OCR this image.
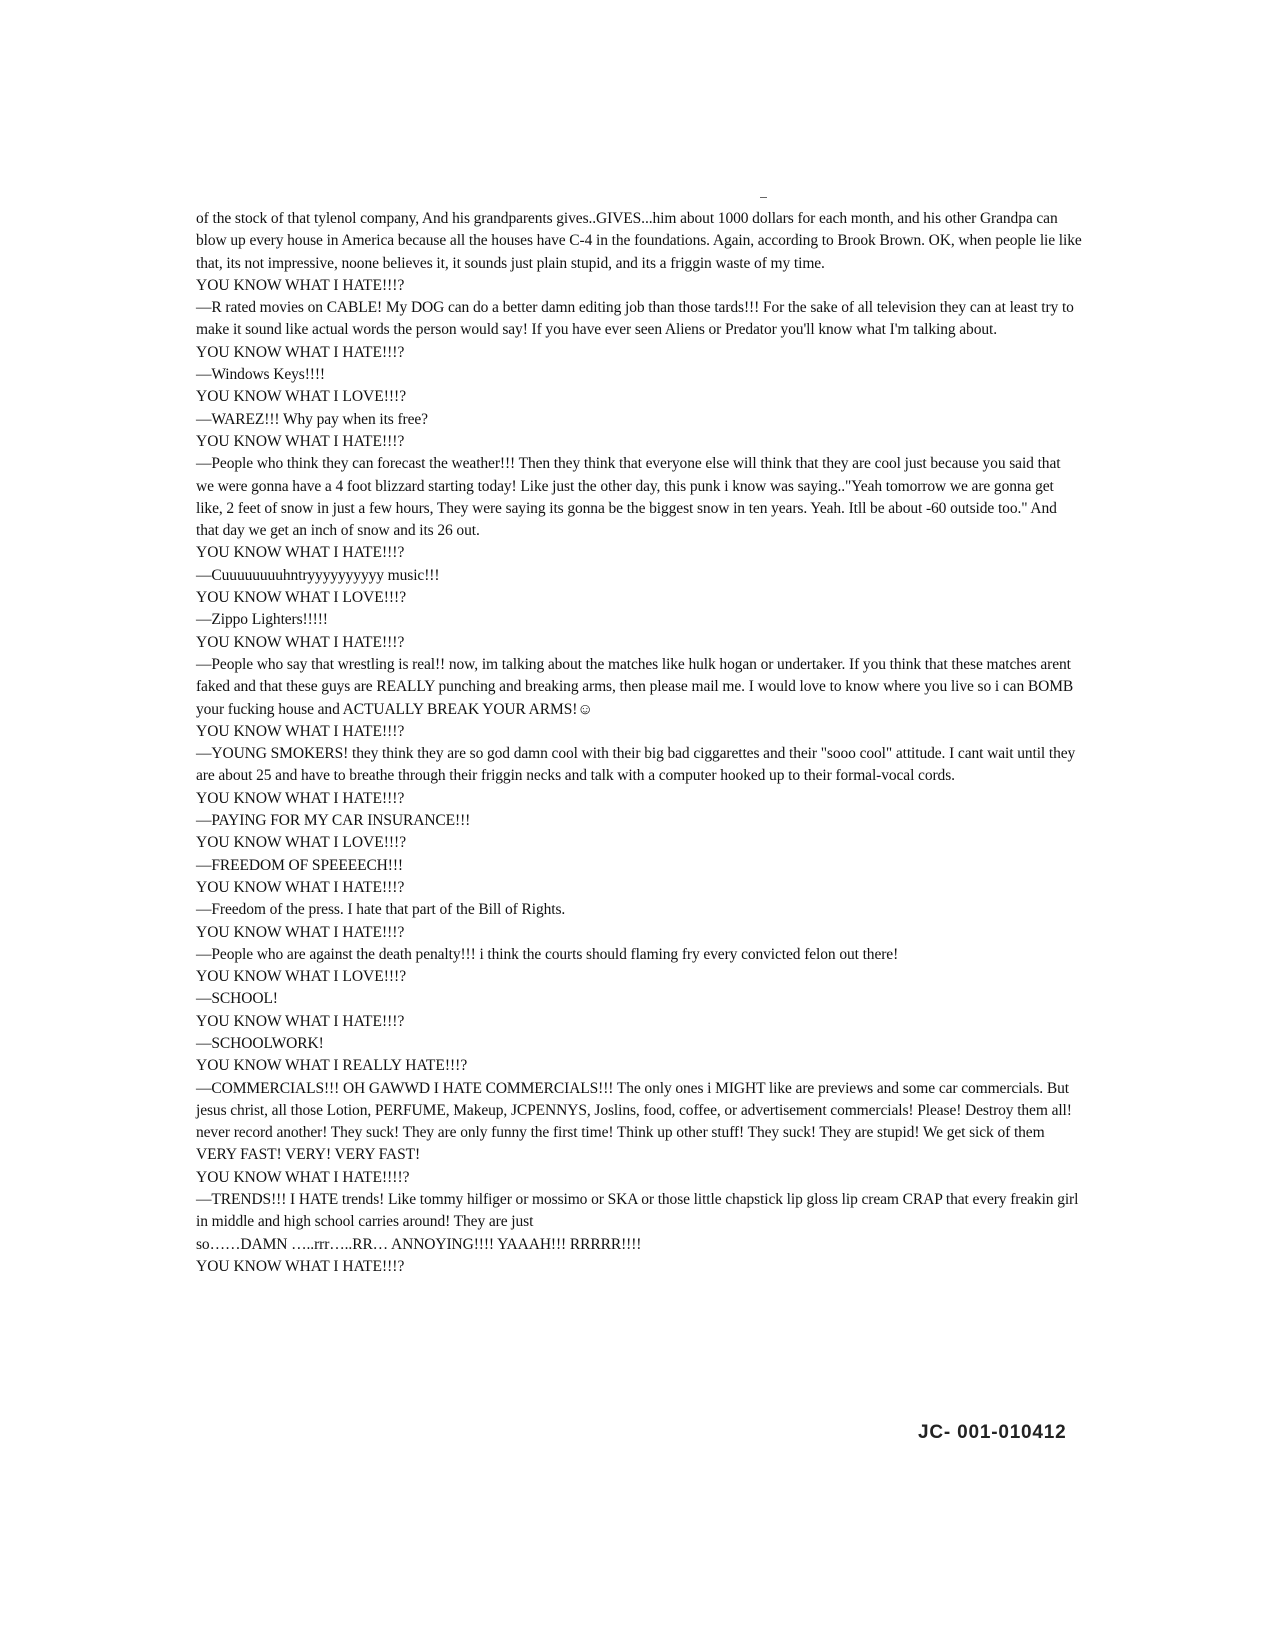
of the stock of that tylenol company, And his grandparents gives..GIVES...him about 1000 dollars for each month, and his other Grandpa can blow up every house in America because all the houses have C-4 in the foundations. Again, according to Brook Brown. OK, when people lie like that, its not impressive, noone believes it, it sounds just plain stupid, and its a friggin waste of my time.

YOU KNOW WHAT I HATE!!!?

—R rated movies on CABLE! My DOG can do a better damn editing job than those tards!!! For the sake of all television they can at least try to make it sound like actual words the person would say! If you have ever seen Aliens or Predator you'll know what I'm talking about.

YOU KNOW WHAT I HATE!!!?

—Windows Keys!!!!

YOU KNOW WHAT I LOVE!!!?

—WAREZ!!! Why pay when its free?

YOU KNOW WHAT I HATE!!!?

—People who think they can forecast the weather!!! Then they think that everyone else will think that they are cool just because you said that we were gonna have a 4 foot blizzard starting today! Like just the other day, this punk i know was saying.."Yeah tomorrow we are gonna get like, 2 feet of snow in just a few hours, They were saying its gonna be the biggest snow in ten years. Yeah. Itll be about -60 outside too." And that day we get an inch of snow and its 26 out.

YOU KNOW WHAT I HATE!!!?

—Cuuuuuuuuhntryyyyyyyyyy music!!!

YOU KNOW WHAT I LOVE!!!?

—Zippo Lighters!!!!!

YOU KNOW WHAT I HATE!!!?

—People who say that wrestling is real!! now, im talking about the matches like hulk hogan or undertaker. If you think that these matches arent faked and that these guys are REALLY punching and breaking arms, then please mail me. I would love to know where you live so i can BOMB your fucking house and ACTUALLY BREAK YOUR ARMS!☺

YOU KNOW WHAT I HATE!!!?

—YOUNG SMOKERS! they think they are so god damn cool with their big bad ciggarettes and their "sooo cool" attitude. I cant wait until they are about 25 and have to breathe through their friggin necks and talk with a computer hooked up to their formal-vocal cords.

YOU KNOW WHAT I HATE!!!?

—PAYING FOR MY CAR INSURANCE!!!

YOU KNOW WHAT I LOVE!!!?

—FREEDOM OF SPEEEECH!!!

YOU KNOW WHAT I HATE!!!?

—Freedom of the press. I hate that part of the Bill of Rights.

YOU KNOW WHAT I HATE!!!?

—People who are against the death penalty!!! i think the courts should flaming fry every convicted felon out there!

YOU KNOW WHAT I LOVE!!!?

—SCHOOL!

YOU KNOW WHAT I HATE!!!?

—SCHOOLWORK!

YOU KNOW WHAT I REALLY HATE!!!?

—COMMERCIALS!!! OH GAWWD I HATE COMMERCIALS!!! The only ones i MIGHT like are previews and some car commercials. But jesus christ, all those Lotion, PERFUME, Makeup, JCPENNYS, Joslins, food, coffee, or advertisement commercials! Please! Destroy them all! never record another! They suck! They are only funny the first time! Think up other stuff! They suck! They are stupid! We get sick of them VERY FAST! VERY! VERY FAST!

YOU KNOW WHAT I HATE!!!!?

—TRENDS!!! I HATE trends! Like tommy hilfiger or mossimo or SKA or those little chapstick lip gloss lip cream CRAP that every freakin girl in middle and high school carries around! They are just

so……DAMN …..rrr…..RR… ANNOYING!!!! YAAAH!!! RRRRR!!!!

YOU KNOW WHAT I HATE!!!?

JC- 001-010412
